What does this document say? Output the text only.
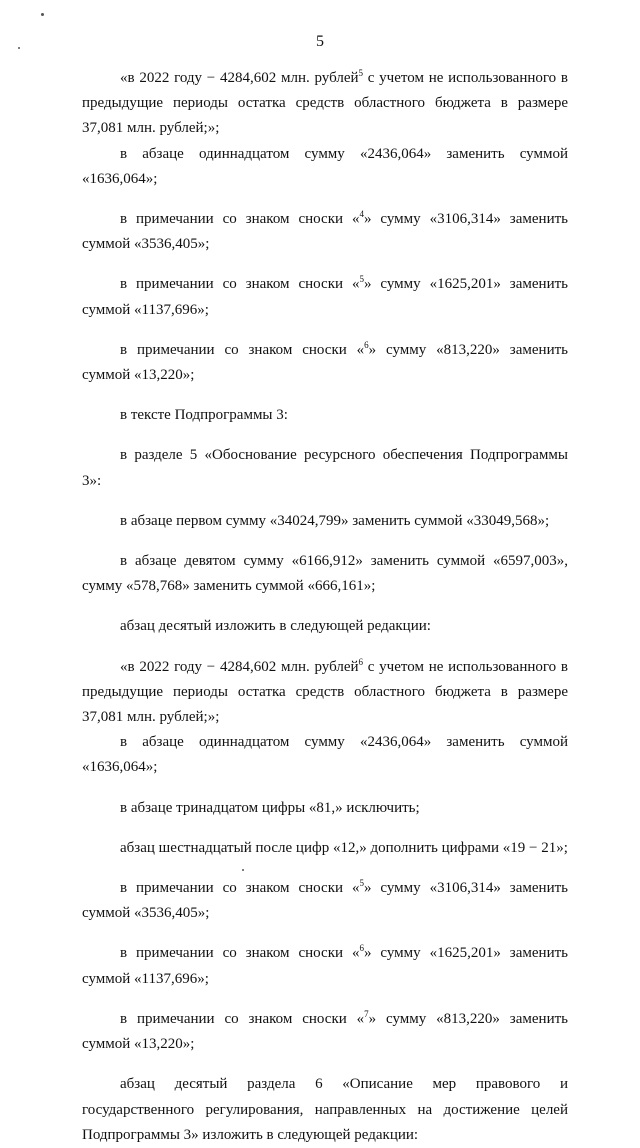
5

«в 2022 году − 4284,602 млн. рублей$^5$ с учетом не использованного в предыдущие периоды остатка средств областного бюджета в размере 37,081 млн. рублей;»;

в абзаце одиннадцатом сумму «2436,064» заменить суммой «1636,064»;

в примечании со знаком сноски «$^4$» сумму «3106,314» заменить суммой «3536,405»;

в примечании со знаком сноски «$^5$» сумму «1625,201» заменить суммой «1137,696»;

в примечании со знаком сноски «$^6$» сумму «813,220» заменить суммой «13,220»;

в тексте Подпрограммы 3:

в разделе 5 «Обоснование ресурсного обеспечения Подпрограммы 3»:

в абзаце первом сумму «34024,799» заменить суммой «33049,568»;

в абзаце девятом сумму «6166,912» заменить суммой «6597,003», сумму «578,768» заменить суммой «666,161»;

абзац десятый изложить в следующей редакции:

«в 2022 году − 4284,602 млн. рублей$^6$ с учетом не использованного в предыдущие периоды остатка средств областного бюджета в размере 37,081 млн. рублей;»;

в абзаце одиннадцатом сумму «2436,064» заменить суммой «1636,064»;

в абзаце тринадцатом цифры «81,» исключить;

абзац шестнадцатый после цифр «12,» дополнить цифрами «19 − 21»;

в примечании со знаком сноски «$^5$» сумму «3106,314» заменить суммой «3536,405»;

в примечании со знаком сноски «$^6$» сумму «1625,201» заменить суммой «1137,696»;

в примечании со знаком сноски «$^7$» сумму «813,220» заменить суммой «13,220»;

абзац десятый раздела 6 «Описание мер правового и государственного регулирования, направленных на достижение целей Подпрограммы 3» изложить в следующей редакции:
